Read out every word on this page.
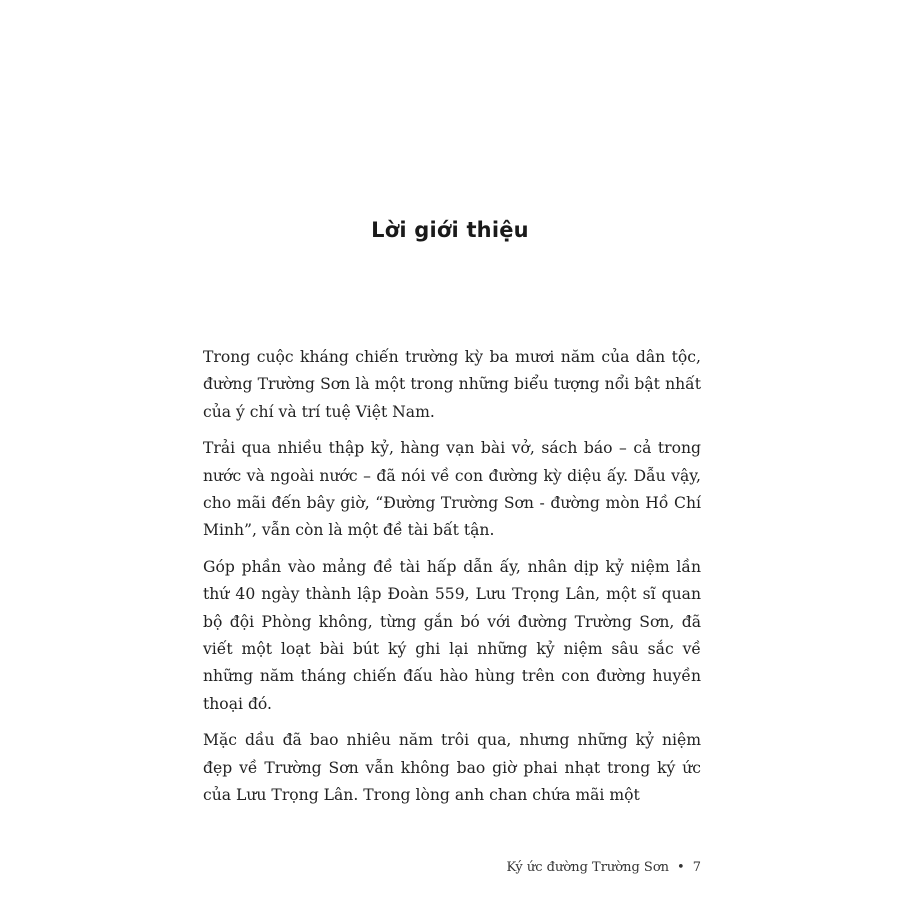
Lời giới thiệu

Trong cuộc kháng chiến trường kỳ ba mươi năm của dân tộc, đường Trường Sơn là một trong những biểu tượng nổi bật nhất của ý chí và trí tuệ Việt Nam.

Trải qua nhiều thập kỷ, hàng vạn bài vở, sách báo – cả trong nước và ngoài nước – đã nói về con đường kỳ diệu ấy. Dẫu vậy, cho mãi đến bây giờ, “Đường Trường Sơn - đường mòn Hồ Chí Minh”, vẫn còn là một đề tài bất tận.

Góp phần vào mảng đề tài hấp dẫn ấy, nhân dịp kỷ niệm lần thứ 40 ngày thành lập Đoàn 559, Lưu Trọng Lân, một sĩ quan bộ đội Phòng không, từng gắn bó với đường Trường Sơn, đã viết một loạt bài bút ký ghi lại những kỷ niệm sâu sắc về những năm tháng chiến đấu hào hùng trên con đường huyền thoại đó.

Mặc dầu đã bao nhiêu năm trôi qua, nhưng những kỷ niệm đẹp về Trường Sơn vẫn không bao giờ phai nhạt trong ký ức của Lưu Trọng Lân. Trong lòng anh chan chứa mãi một

Ký ức đường Trường Sơn • 7
